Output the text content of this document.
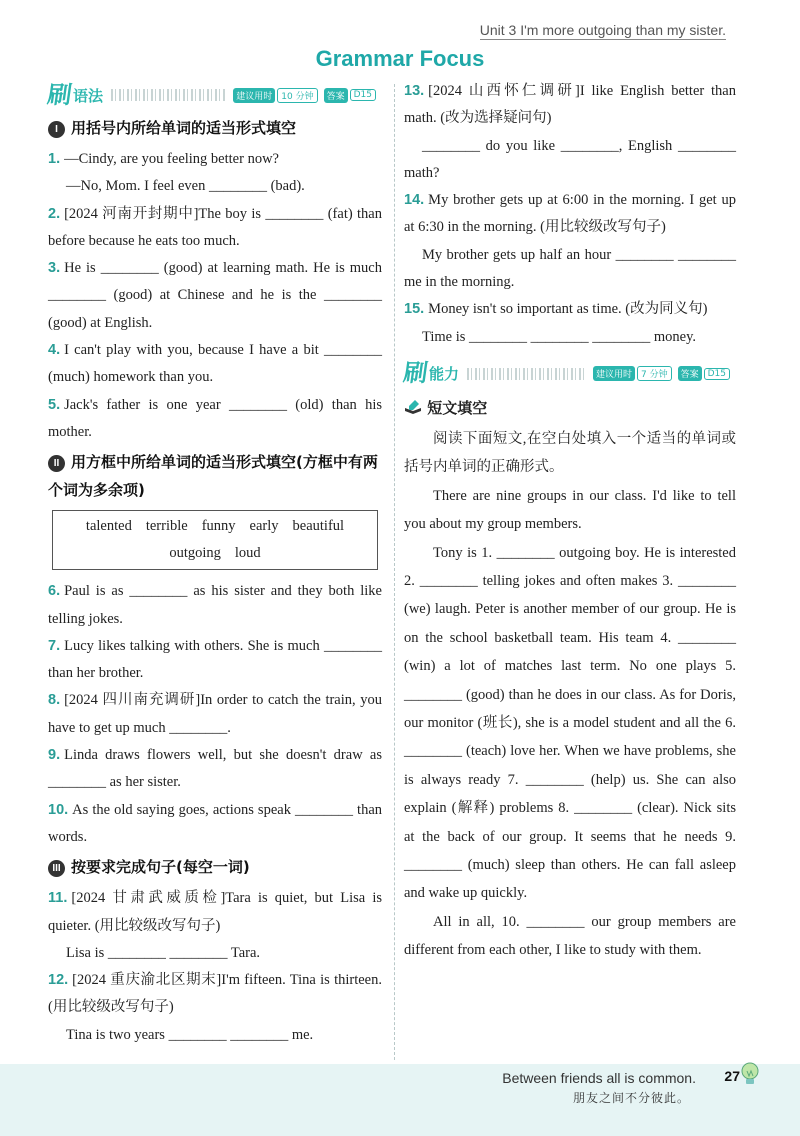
Unit 3 I'm more outgoing than my sister.
Grammar Focus
刷 语法	建议用时	10 分钟	答案	D15
I 用括号内所给单词的适当形式填空
1. —Cindy, are you feeling better now?
—No, Mom. I feel even ________ (bad).
2. [2024 河南开封期中]The boy is ________ (fat) than before because he eats too much.
3. He is ________ (good) at learning math. He is much ________ (good) at Chinese and he is the ________ (good) at English.
4. I can't play with you, because I have a bit ________ (much) homework than you.
5. Jack's father is one year ________ (old) than his mother.
II 用方框中所给单词的适当形式填空(方框中有两个词为多余项)
talented terrible funny early beautiful
outgoing loud
6. Paul is as ________ as his sister and they both like telling jokes.
7. Lucy likes talking with others. She is much ________ than her brother.
8. [2024 四川南充调研]In order to catch the train, you have to get up much ________.
9. Linda draws flowers well, but she doesn't draw as ________ as her sister.
10. As the old saying goes, actions speak ________ than words.
III 按要求完成句子(每空一词)
11. [2024 甘肃武威质检]Tara is quiet, but Lisa is quieter. (用比较级改写句子)
Lisa is ________ ________ Tara.
12. [2024 重庆渝北区期末]I'm fifteen. Tina is thirteen. (用比较级改写句子)
Tina is two years ________ ________ me.
13. [2024 山西怀仁调研]I like English better than math. (改为选择疑问句)
________ do you like ________, English ________ math?
14. My brother gets up at 6:00 in the morning. I get up at 6:30 in the morning. (用比较级改写句子)
My brother gets up half an hour ________ ________ me in the morning.
15. Money isn't so important as time. (改为同义句)
Time is ________ ________ ________ money.
刷 能力	建议用时	7 分钟	答案	D15
短文填空

阅读下面短文,在空白处填入一个适当的单词或括号内单词的正确形式。

There are nine groups in our class. I'd like to tell you about my group members.

Tony is 1. ________ outgoing boy. He is interested 2. ________ telling jokes and often makes 3. ________ (we) laugh. Peter is another member of our group. He is on the school basketball team. His team 4. ________ (win) a lot of matches last term. No one plays 5. ________ (good) than he does in our class. As for Doris, our monitor (班长), she is a model student and all the 6. ________ (teach) love her. When we have problems, she is always ready 7. ________ (help) us. She can also explain (解释) problems 8. ________ (clear). Nick sits at the back of our group. It seems that he needs 9. ________ (much) sleep than others. He can fall asleep and wake up quickly.

All in all, 10. ________ our group members are different from each other, I like to study with them.

Between friends all is common.
朋友之间不分彼此。
27
